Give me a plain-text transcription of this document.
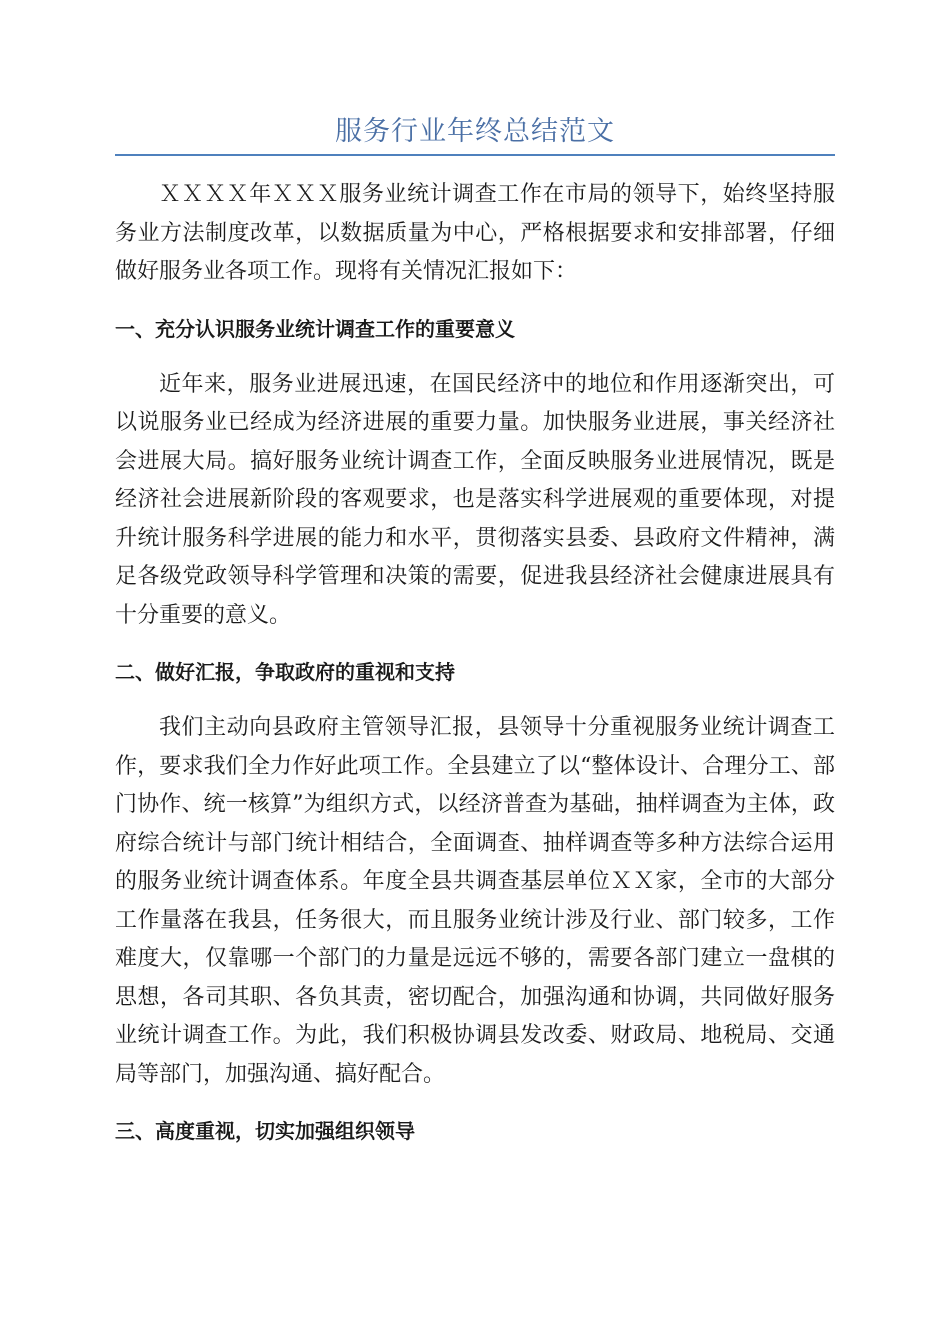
服务行业年终总结范文

ＸＸＸＸ年ＸＸＸ服务业统计调查工作在市局的领导下，始终坚持服务业方法制度改革，以数据质量为中心，严格根据要求和安排部署，仔细做好服务业各项工作。现将有关情况汇报如下：

一、充分认识服务业统计调查工作的重要意义

近年来，服务业进展迅速，在国民经济中的地位和作用逐渐突出，可以说服务业已经成为经济进展的重要力量。加快服务业进展，事关经济社会进展大局。搞好服务业统计调查工作，全面反映服务业进展情况，既是经济社会进展新阶段的客观要求，也是落实科学进展观的重要体现，对提升统计服务科学进展的能力和水平，贯彻落实县委、县政府文件精神，满足各级党政领导科学管理和决策的需要，促进我县经济社会健康进展具有十分重要的意义。

二、做好汇报，争取政府的重视和支持

我们主动向县政府主管领导汇报，县领导十分重视服务业统计调查工作，要求我们全力作好此项工作。全县建立了以“整体设计、合理分工、部门协作、统一核算”为组织方式，以经济普查为基础，抽样调查为主体，政府综合统计与部门统计相结合，全面调查、抽样调查等多种方法综合运用的服务业统计调查体系。年度全县共调查基层单位ＸＸ家，全市的大部分工作量落在我县，任务很大，而且服务业统计涉及行业、部门较多，工作难度大，仅靠哪一个部门的力量是远远不够的，需要各部门建立一盘棋的思想，各司其职、各负其责，密切配合，加强沟通和协调，共同做好服务业统计调查工作。为此，我们积极协调县发改委、财政局、地税局、交通局等部门，加强沟通、搞好配合。

三、高度重视，切实加强组织领导
